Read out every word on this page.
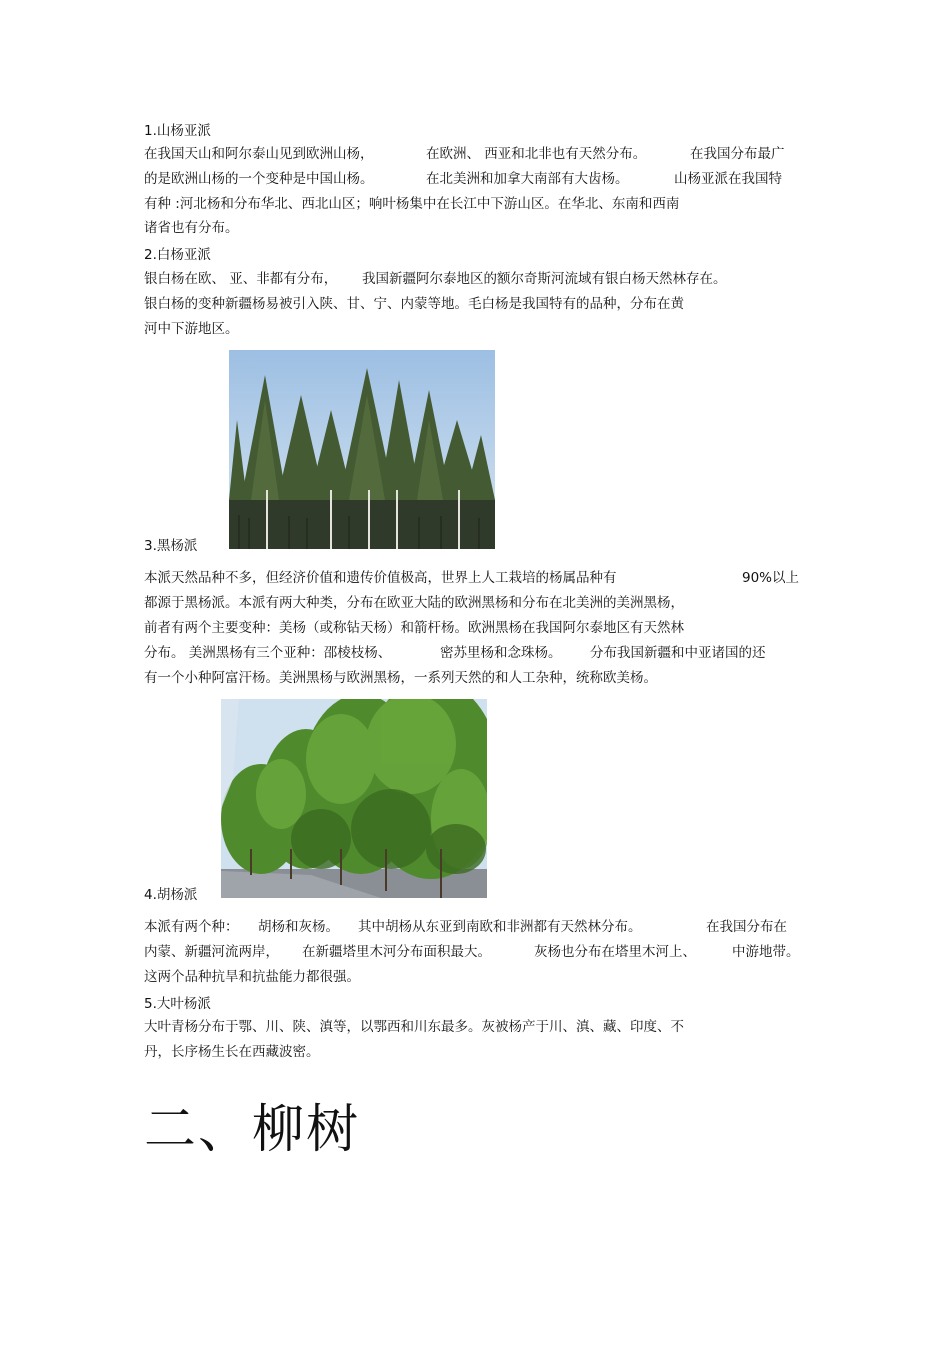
1.山杨亚派
在我国天山和阿尔泰山见到欧洲山杨，	在欧洲、 西亚和北非也有天然分布。	在我国分布最广
的是欧洲山杨的一个变种是中国山杨。	在北美洲和加拿大南部有大齿杨。	山杨亚派在我国特
有种 :河北杨和分布华北、西北山区；响叶杨集中在长江中下游山区。在华北、东南和西南
诸省也有分布。
2.白杨亚派
银白杨在欧、 亚、非都有分布， 我国新疆阿尔泰地区的额尔奇斯河流域有银白杨天然林存在。
银白杨的变种新疆杨易被引入陕、甘、宁、内蒙等地。毛白杨是我国特有的品种，分布在黄
河中下游地区。
3.黑杨派
本派天然品种不多，但经济价值和遗传价值极高，世界上人工栽培的杨属品种有	90%以上
都源于黑杨派。本派有两大种类，分布在欧亚大陆的欧洲黑杨和分布在北美洲的美洲黑杨，
前者有两个主要变种：美杨（或称钻天杨）和箭杆杨。欧洲黑杨在我国阿尔泰地区有天然林
分布。 美洲黑杨有三个亚种：邵棱枝杨、	密苏里杨和念珠杨。 分布我国新疆和中亚诸国的还
有一个小种阿富汗杨。美洲黑杨与欧洲黑杨，一系列天然的和人工杂种，统称欧美杨。
4.胡杨派
本派有两个种： 胡杨和灰杨。 其中胡杨从东亚到南欧和非洲都有天然林分布。	在我国分布在
内蒙、新疆河流两岸， 在新疆塔里木河分布面积最大。	灰杨也分布在塔里木河上、	中游地带。
这两个品种抗旱和抗盐能力都很强。
5.大叶杨派
大叶青杨分布于鄂、川、陕、滇等，以鄂西和川东最多。灰被杨产于川、滇、藏、印度、不
丹，长序杨生长在西藏波密。
二、柳树
